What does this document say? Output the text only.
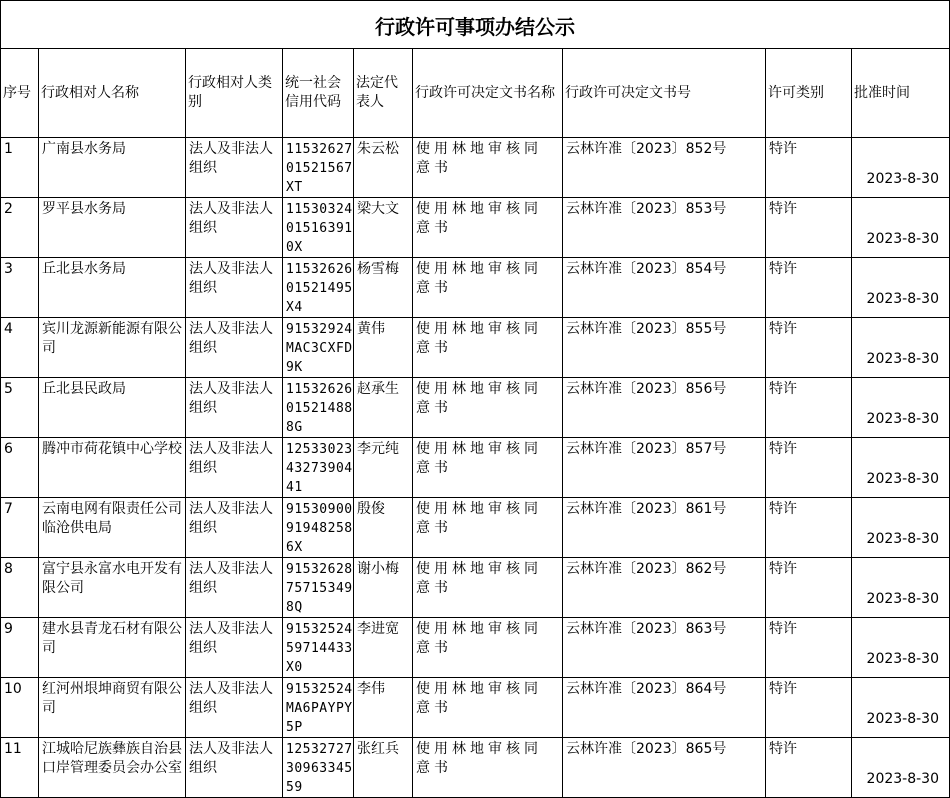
行政许可事项办结公示
序号	行政相对人名称	行政相对人类别	统一社会信用代码	法定代表人	行政许可决定文书名称	行政许可决定文书号	许可类别	批准时间

1	广南县水务局	法人及非法人组织	11532627 01521567 XT	朱云松	使用林地审核同意书	云林许准〔2023〕852号	特许	2023-8-30

2	罗平县水务局	法人及非法人组织	11530324 01516391 0X	梁大文	使用林地审核同意书	云林许准〔2023〕853号	特许	2023-8-30

3	丘北县水务局	法人及非法人组织	11532626 01521495 X4	杨雪梅	使用林地审核同意书	云林许准〔2023〕854号	特许	2023-8-30

4	宾川龙源新能源有限公司	法人及非法人组织	91532924 MAC3CXFD 9K	黄伟	使用林地审核同意书	云林许准〔2023〕855号	特许	2023-8-30

5	丘北县民政局	法人及非法人组织	11532626 01521488 8G	赵承生	使用林地审核同意书	云林许准〔2023〕856号	特许	2023-8-30

6	腾冲市荷花镇中心学校	法人及非法人组织	12533023 43273904 41	李元纯	使用林地审核同意书	云林许准〔2023〕857号	特许	2023-8-30

7	云南电网有限责任公司临沧供电局	法人及非法人组织	91530900 91948258 6X	殷俊	使用林地审核同意书	云林许准〔2023〕861号	特许	2023-8-30

8	富宁县永富水电开发有限公司	法人及非法人组织	91532628 75715349 8Q	谢小梅	使用林地审核同意书	云林许准〔2023〕862号	特许	2023-8-30

9	建水县青龙石材有限公司	法人及非法人组织	91532524 59714433 X0	李进宽	使用林地审核同意书	云林许准〔2023〕863号	特许	2023-8-30

10	红河州垠坤商贸有限公司	法人及非法人组织	91532524 MA6PAYPY 5P	李伟	使用林地审核同意书	云林许准〔2023〕864号	特许	2023-8-30

11	江城哈尼族彝族自治县口岸管理委员会办公室	法人及非法人组织	12532727 30963345 59	张红兵	使用林地审核同意书	云林许准〔2023〕865号	特许	2023-8-30
